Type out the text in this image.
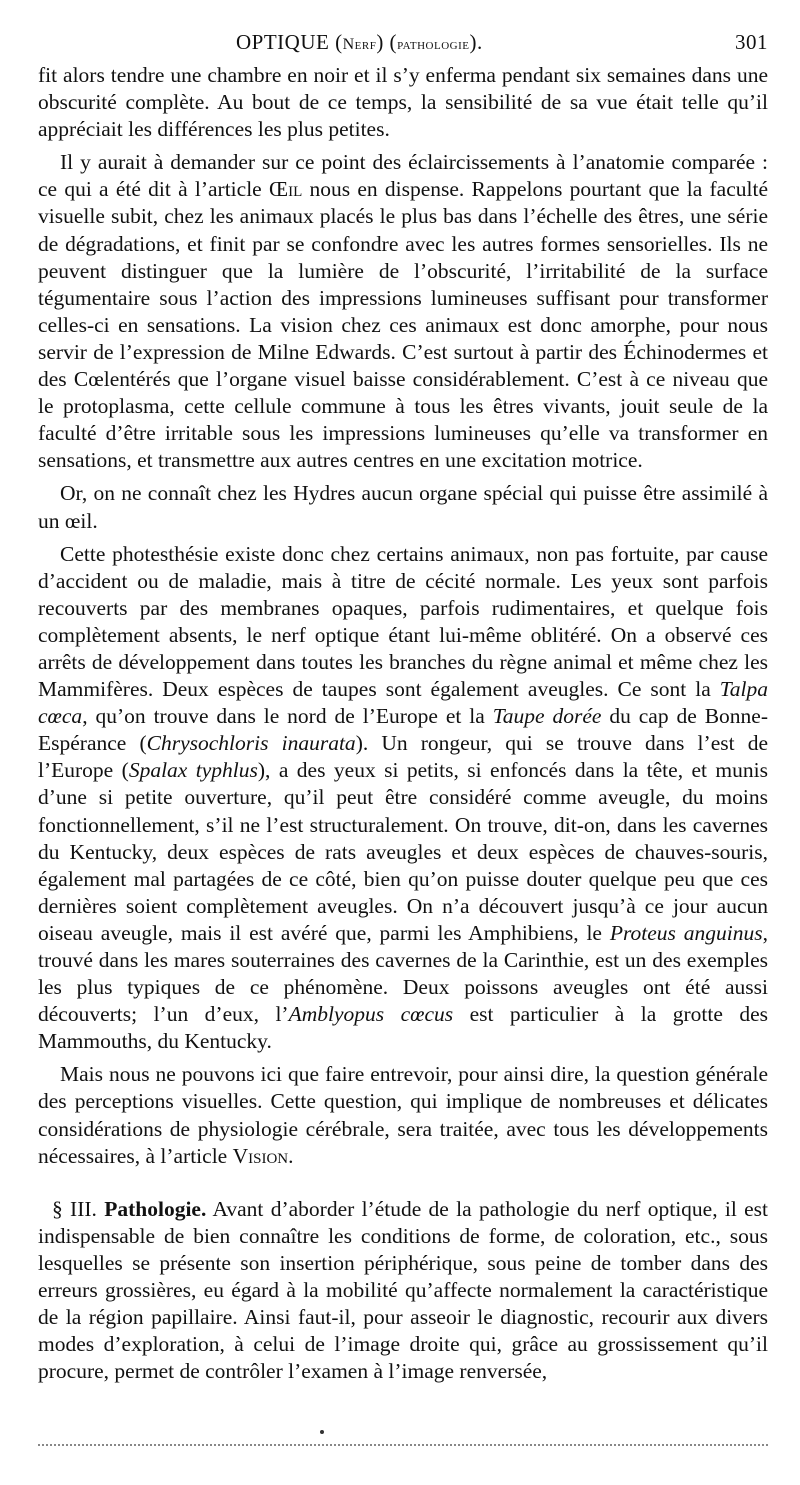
OPTIQUE (Nerf) (pathologie).	301

fit alors tendre une chambre en noir et il s’y enferma pendant six semaines dans une obscurité complète. Au bout de ce temps, la sensibilité de sa vue était telle qu’il appréciait les différences les plus petites.

Il y aurait à demander sur ce point des éclaircissements à l’anatomie comparée : ce qui a été dit à l’article Œil nous en dispense. Rappelons pourtant que la faculté visuelle subit, chez les animaux placés le plus bas dans l’échelle des êtres, une série de dégradations, et finit par se confondre avec les autres formes sensorielles. Ils ne peuvent distinguer que la lumière de l’obscurité, l’irritabilité de la surface tégumentaire sous l’action des impressions lumineuses suffisant pour transformer celles-ci en sensations. La vision chez ces animaux est donc amorphe, pour nous servir de l’expression de Milne Edwards. C’est surtout à partir des Échinodermes et des Cœlentérés que l’organe visuel baisse considérablement. C’est à ce niveau que le protoplasma, cette cellule commune à tous les êtres vivants, jouit seule de la faculté d’être irritable sous les impressions lumineuses qu’elle va transformer en sensations, et transmettre aux autres centres en une excitation motrice.

Or, on ne connaît chez les Hydres aucun organe spécial qui puisse être assimilé à un œil.

Cette photesthésie existe donc chez certains animaux, non pas fortuite, par cause d’accident ou de maladie, mais à titre de cécité normale. Les yeux sont parfois recouverts par des membranes opaques, parfois rudimentaires, et quelque fois complètement absents, le nerf optique étant lui-même oblitéré. On a observé ces arrêts de développement dans toutes les branches du règne animal et même chez les Mammifères. Deux espèces de taupes sont également aveugles. Ce sont la Talpa cœca, qu’on trouve dans le nord de l’Europe et la Taupe dorée du cap de Bonne-Espérance (Chrysochloris inaurata). Un rongeur, qui se trouve dans l’est de l’Europe (Spalax typhlus), a des yeux si petits, si enfoncés dans la tête, et munis d’une si petite ouverture, qu’il peut être considéré comme aveugle, du moins fonctionnellement, s’il ne l’est structuralement. On trouve, dit-on, dans les cavernes du Kentucky, deux espèces de rats aveugles et deux espèces de chauves-souris, également mal partagées de ce côté, bien qu’on puisse douter quelque peu que ces dernières soient complètement aveugles. On n’a découvert jusqu’à ce jour aucun oiseau aveugle, mais il est avéré que, parmi les Amphibiens, le Proteus anguinus, trouvé dans les mares souterraines des cavernes de la Carinthie, est un des exemples les plus typiques de ce phénomène. Deux poissons aveugles ont été aussi découverts; l’un d’eux, l’Amblyopus cœcus est particulier à la grotte des Mammouths, du Kentucky.

Mais nous ne pouvons ici que faire entrevoir, pour ainsi dire, la question générale des perceptions visuelles. Cette question, qui implique de nombreuses et délicates considérations de physiologie cérébrale, sera traitée, avec tous les développements nécessaires, à l’article Vision.

§ III. Pathologie. Avant d’aborder l’étude de la pathologie du nerf optique, il est indispensable de bien connaître les conditions de forme, de coloration, etc., sous lesquelles se présente son insertion périphérique, sous peine de tomber dans des erreurs grossières, eu égard à la mobilité qu’affecte normalement la caractéristique de la région papillaire. Ainsi faut-il, pour asseoir le diagnostic, recourir aux divers modes d’exploration, à celui de l’image droite qui, grâce au grossissement qu’il procure, permet de contrôler l’examen à l’image renversée,
